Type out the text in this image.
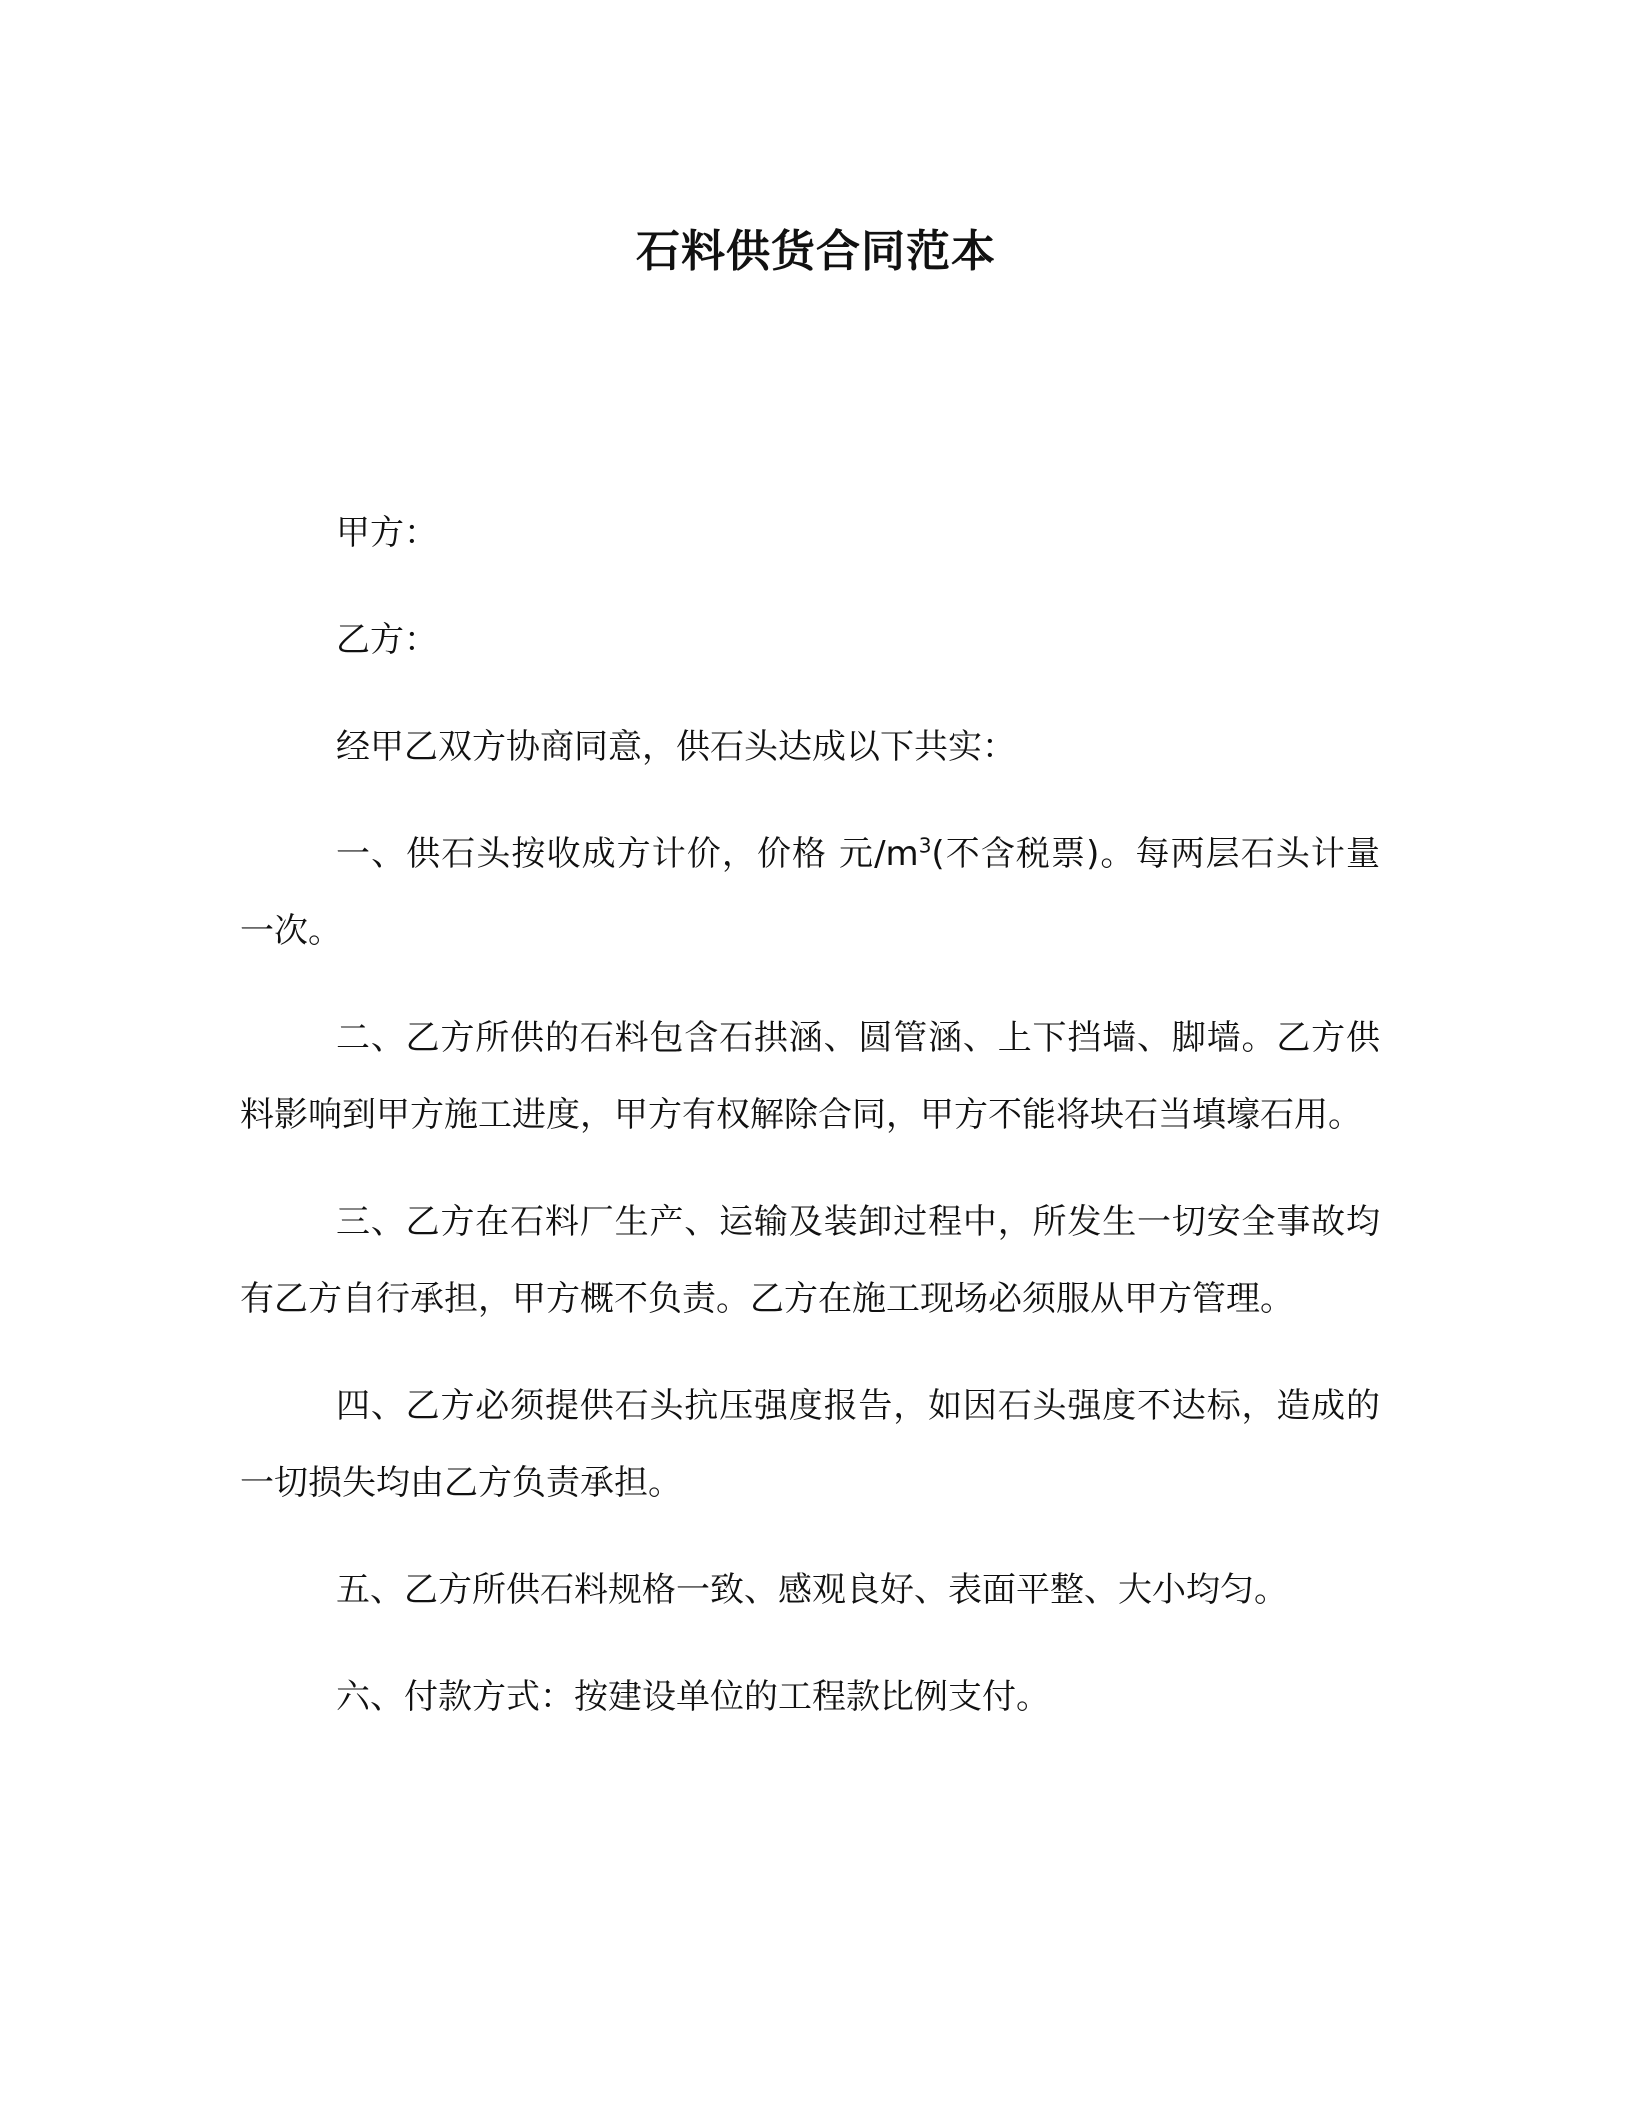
石料供货合同范本

甲方：

乙方：

经甲乙双方协商同意，供石头达成以下共实：

一、供石头按收成方计价，价格 元$/m^3$(不含税票)。每两层石头计量一次。

二、乙方所供的石料包含石拱涵、圆管涵、上下挡墙、脚墙。乙方供料影响到甲方施工进度，甲方有权解除合同，甲方不能将块石当填壕石用。

三、乙方在石料厂生产、运输及装卸过程中，所发生一切安全事故均有乙方自行承担，甲方概不负责。乙方在施工现场必须服从甲方管理。

四、乙方必须提供石头抗压强度报告，如因石头强度不达标，造成的一切损失均由乙方负责承担。

五、乙方所供石料规格一致、感观良好、表面平整、大小均匀。

六、付款方式：按建设单位的工程款比例支付。
